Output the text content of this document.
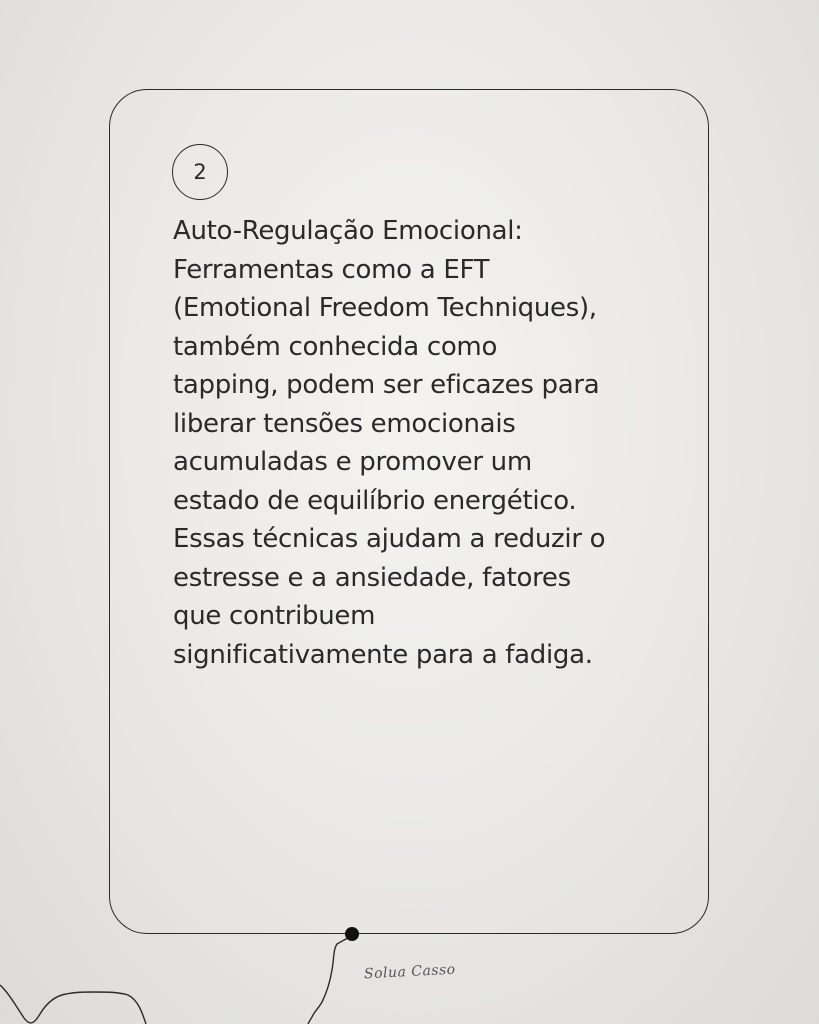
2

Auto-Regulação Emocional:
Ferramentas como a EFT
(Emotional Freedom Techniques),
também conhecida como
tapping, podem ser eficazes para
liberar tensões emocionais
acumuladas e promover um
estado de equilíbrio energético.
Essas técnicas ajudam a reduzir o
estresse e a ansiedade, fatores
que contribuem
significativamente para a fadiga.

Solua Casso
